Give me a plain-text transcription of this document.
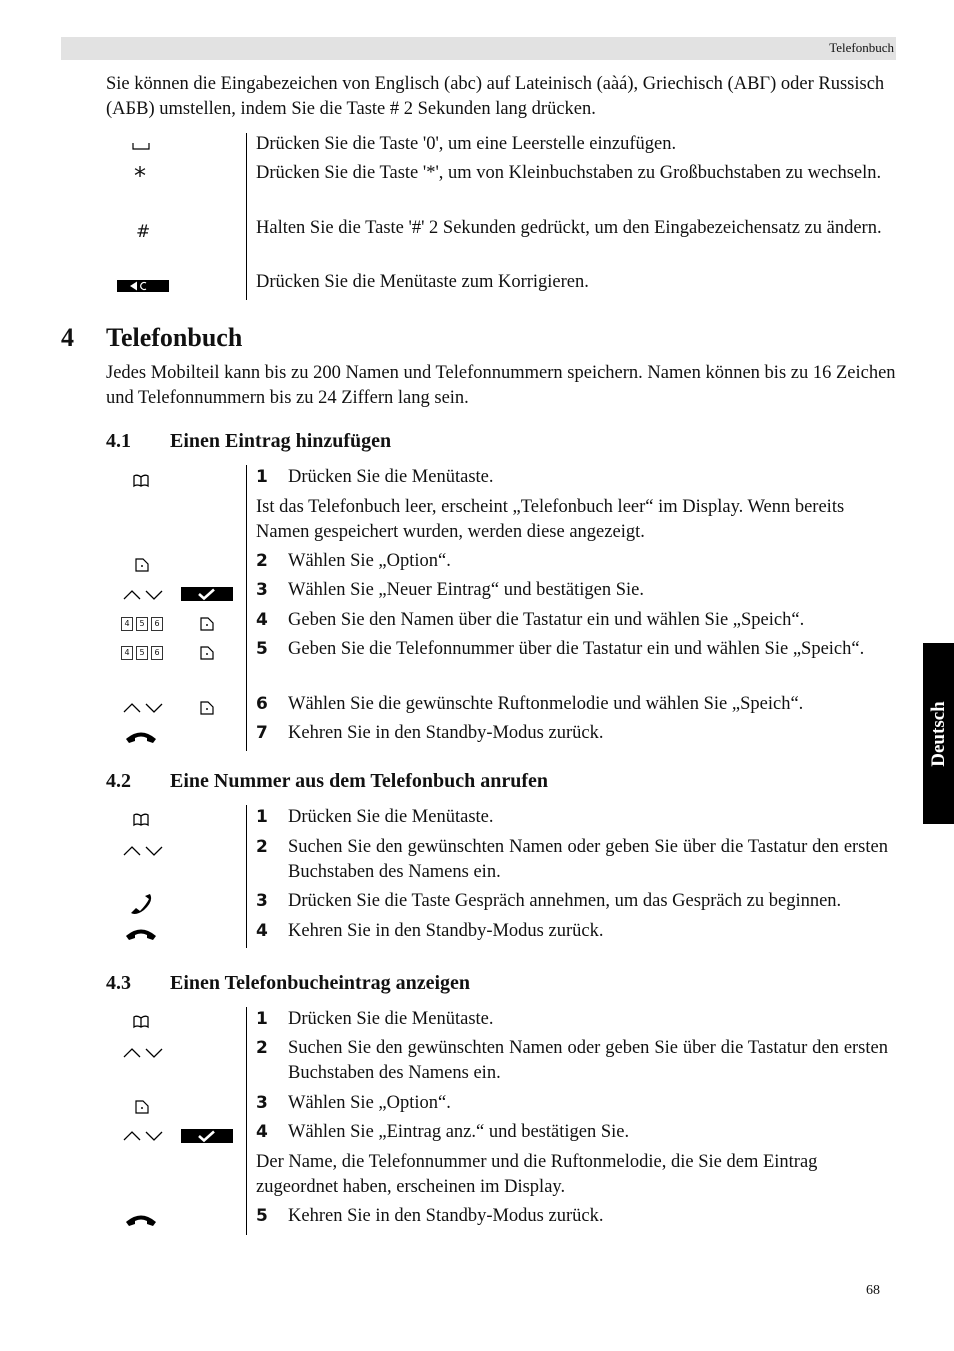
Telefonbuch
Deutsch

Sie können die Eingabezeichen von Englisch (abc) auf Lateinisch (aàá), Griechisch (ΑΒΓ) oder Russisch (АБВ) umstellen, indem Sie die Taste # 2 Sekunden lang drücken.

Drücken Sie die Taste '0', um eine Leerstelle einzufügen.
*	Drücken Sie die Taste '*', um von Kleinbuchstaben zu Großbuchstaben zu wechseln.
#	Halten Sie die Taste '#' 2 Sekunden gedrückt, um den Eingabezeichensatz zu ändern.
Drücken Sie die Menütaste zum Korrigieren.
4 Telefonbuch

Jedes Mobilteil kann bis zu 200 Namen und Telefonnummern speichern. Namen können bis zu 16 Zeichen und Telefonnummern bis zu 24 Ziffern lang sein.

4.1 Einen Eintrag hinzufügen
1 Drücken Sie die Menütaste.
Ist das Telefonbuch leer, erscheint „Telefonbuch leer“ im Display. Wenn bereits Namen gespeichert wurden, werden diese angezeigt.
2 Wählen Sie „Option“.
3 Wählen Sie „Neuer Eintrag“ und bestätigen Sie.
4	5	6	4 Geben Sie den Namen über die Tastatur ein und wählen Sie „Speich“.
4	5	6	5 Geben Sie die Telefonnummer über die Tastatur ein und wählen Sie „Speich“.
6 Wählen Sie die gewünschte Ruftonmelodie und wählen Sie „Speich“.
7 Kehren Sie in den Standby-Modus zurück.
4.2 Eine Nummer aus dem Telefonbuch anrufen
1 Drücken Sie die Menütaste.
2 Suchen Sie den gewünschten Namen oder geben Sie über die Tastatur den ersten Buchstaben des Namens ein.
3 Drücken Sie die Taste Gespräch annehmen, um das Gespräch zu beginnen.
4 Kehren Sie in den Standby-Modus zurück.
4.3 Einen Telefonbucheintrag anzeigen
1 Drücken Sie die Menütaste.
2 Suchen Sie den gewünschten Namen oder geben Sie über die Tastatur den ersten Buchstaben des Namens ein.
3 Wählen Sie „Option“.
4 Wählen Sie „Eintrag anz.“ und bestätigen Sie.
Der Name, die Telefonnummer und die Ruftonmelodie, die Sie dem Eintrag zugeordnet haben, erscheinen im Display.
5 Kehren Sie in den Standby-Modus zurück.
68
